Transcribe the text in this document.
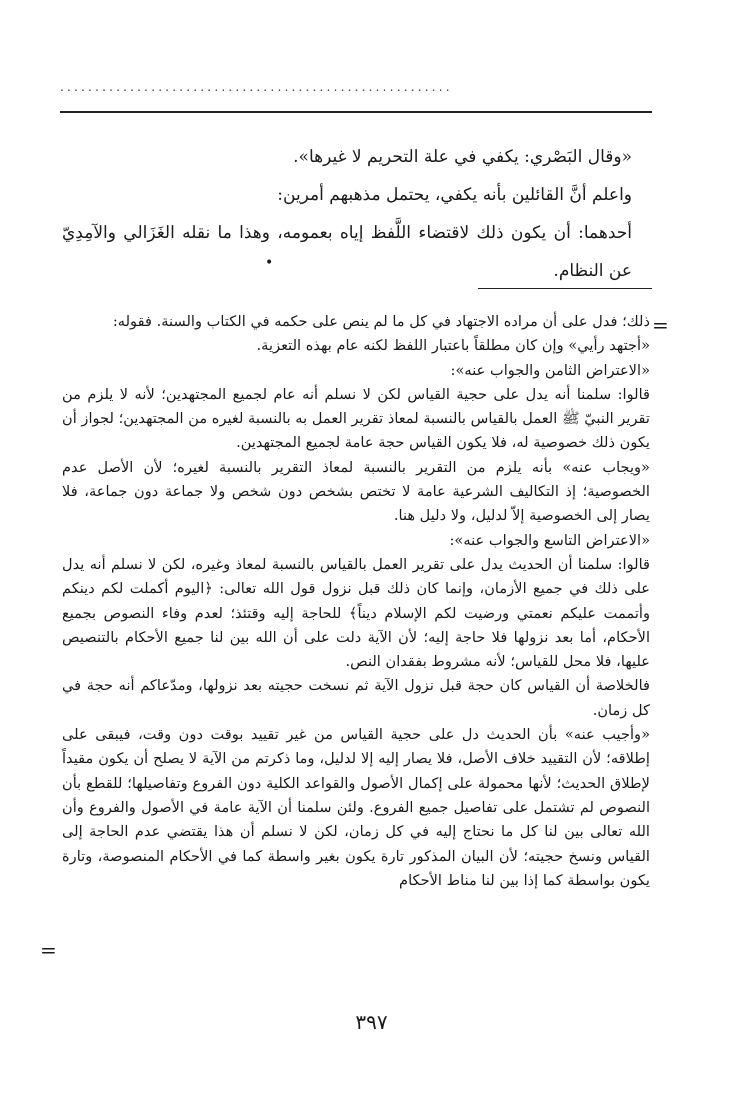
........................................................

«وقال البَصْري: يكفي في علة التحريم لا غيرها».

واعلم أنَّ القائلين بأنه يكفي، يحتمل مذهبهم أمرين:

أحدهما: أن يكون ذلك لاقتضاء اللَّفظ إياه بعمومه، وهذا ما نقله الغَزَالي والآمِدِيّ عن النظام.

•
=

ذلك؛ فدل على أن مراده الاجتهاد في كل ما لم ينص على حكمه في الكتاب والسنة. فقوله:

«أجتهد رأيي» وإن كان مطلقاً باعتبار اللفظ لكنه عام بهذه التعزية.

«الاعتراض الثامن والجواب عنه»:

قالوا: سلمنا أنه يدل على حجية القياس لكن لا نسلم أنه عام لجميع المجتهدين؛ لأنه لا يلزم من تقرير النبيّ ﷺ العمل بالقياس بالنسبة لمعاذ تقرير العمل به بالنسبة لغيره من المجتهدين؛ لجواز أن يكون ذلك خصوصية له، فلا يكون القياس حجة عامة لجميع المجتهدين.

«ويجاب عنه» بأنه يلزم من التقرير بالنسبة لمعاذ التقرير بالنسبة لغيره؛ لأن الأصل عدم الخصوصية؛ إذ التكاليف الشرعية عامة لا تختص بشخص دون شخص ولا جماعة دون جماعة، فلا يصار إلى الخصوصية إلاّ لدليل، ولا دليل هنا.

«الاعتراض التاسع والجواب عنه»:

قالوا: سلمنا أن الحديث يدل على تقرير العمل بالقياس بالنسبة لمعاذ وغيره، لكن لا نسلم أنه يدل على ذلك في جميع الأزمان، وإنما كان ذلك قبل نزول قول الله تعالى: ﴿اليوم أكملت لكم دينكم وأتممت عليكم نعمتي ورضيت لكم الإسلام ديناً﴾ للحاجة إليه وقتئذ؛ لعدم وفاء النصوص بجميع الأحكام، أما بعد نزولها فلا حاجة إليه؛ لأن الآية دلت على أن الله بين لنا جميع الأحكام بالتنصيص عليها، فلا محل للقياس؛ لأنه مشروط بفقدان النص.

فالخلاصة أن القياس كان حجة قبل نزول الآية ثم نسخت حجيته بعد نزولها، ومدّعاكم أنه حجة في كل زمان.

«وأجيب عنه» بأن الحديث دل على حجية القياس من غير تقييد بوقت دون وقت، فيبقى على إطلاقه؛ لأن التقييد خلاف الأصل، فلا يصار إليه إلا لدليل، وما ذكرتم من الآية لا يصلح أن يكون مقيداً لإطلاق الحديث؛ لأنها محمولة على إكمال الأصول والقواعد الكلية دون الفروع وتفاصيلها؛ للقطع بأن النصوص لم تشتمل على تفاصيل جميع الفروع. ولئن سلمنا أن الآية عامة في الأصول والفروع وأن الله تعالى بين لنا كل ما نحتاج إليه في كل زمان، لكن لا نسلم أن هذا يقتضي عدم الحاجة إلى القياس ونسخ حجيته؛ لأن البيان المذكور تارة يكون بغير واسطة كما في الأحكام المنصوصة، وتارة يكون بواسطة كما إذا بين لنا مناط الأحكام

=
٣٩٧
